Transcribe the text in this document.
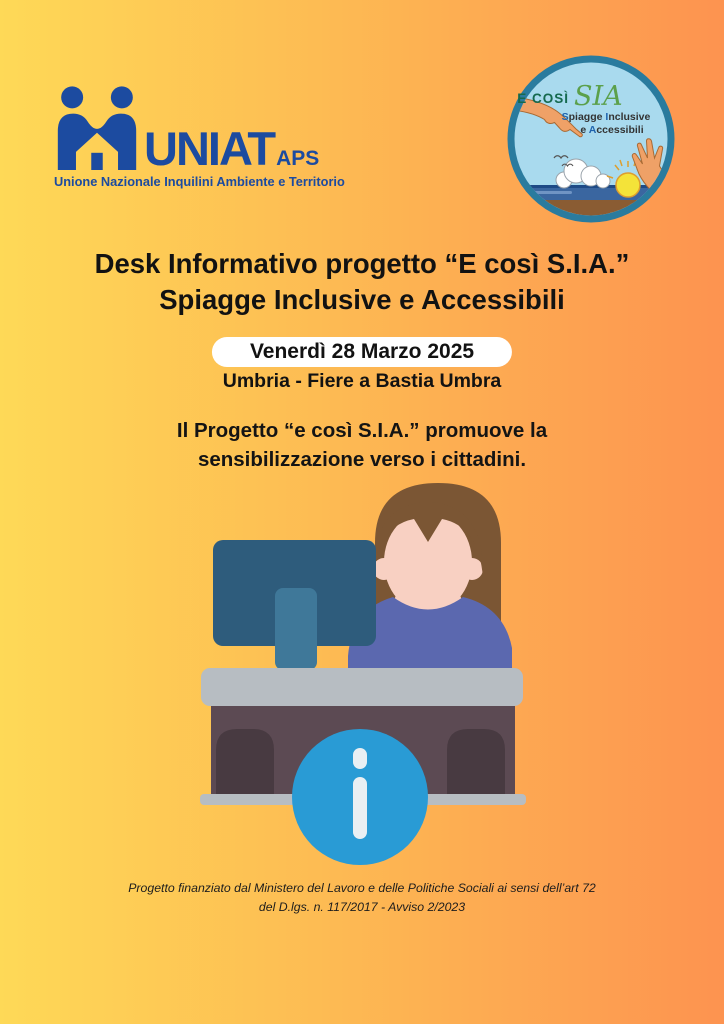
UNIATAPS
Unione Nazionale Inquilini Ambiente e Territorio
E COSÌ SIA
Spiagge Inclusive
e Accessibili
Desk Informativo progetto “E così S.I.A.”
Spiagge Inclusive e Accessibili
Venerdì 28 Marzo 2025
Umbria - Fiere a Bastia Umbra
Il Progetto “e così S.I.A.” promuove la
sensibilizzazione verso i cittadini.
Progetto finanziato dal Ministero del Lavoro e delle Politiche Sociali ai sensi dell’art 72
del D.lgs. n. 117/2017 - Avviso 2/2023
